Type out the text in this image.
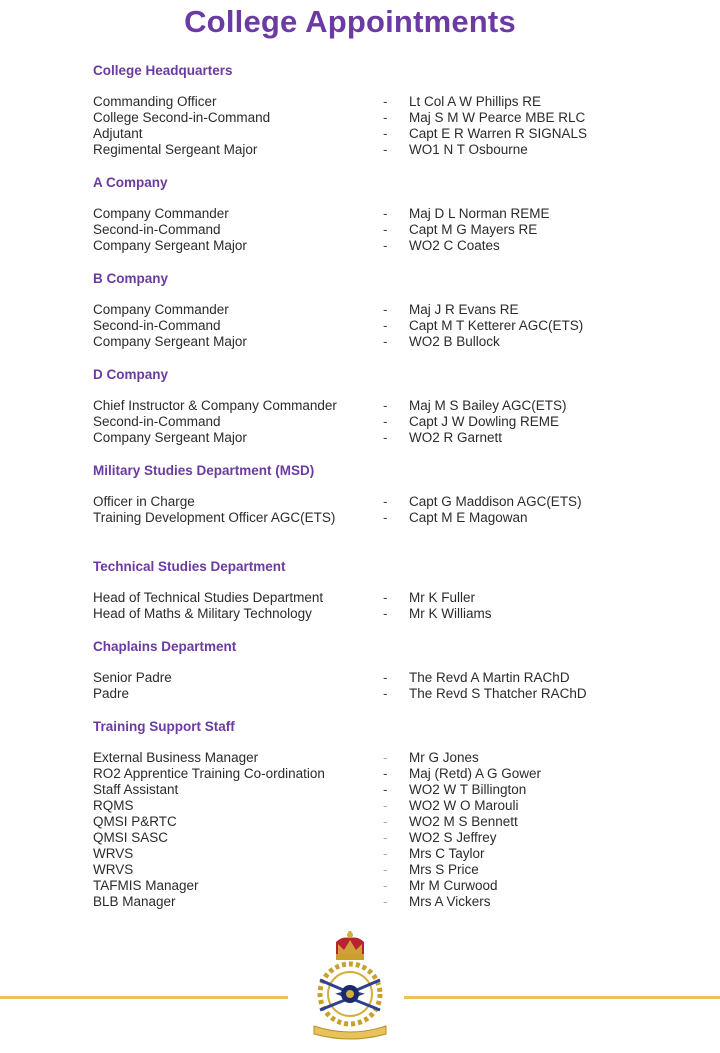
College Appointments
College Headquarters
Commanding Officer	-	Lt Col A W Phillips RE
College Second-in-Command	-	Maj S M W Pearce MBE RLC
Adjutant	-	Capt E R Warren R SIGNALS
Regimental Sergeant Major	-	WO1 N T Osbourne
A Company
Company Commander	-	Maj D L Norman REME
Second-in-Command	-	Capt M G Mayers RE
Company Sergeant Major	-	WO2 C Coates
B Company
Company Commander	-	Maj J R Evans RE
Second-in-Command	-	Capt M T Ketterer AGC(ETS)
Company Sergeant Major	-	WO2 B Bullock
D Company
Chief Instructor & Company Commander	-	Maj M S Bailey AGC(ETS)
Second-in-Command	-	Capt J W Dowling REME
Company Sergeant Major	-	WO2 R Garnett
Military Studies Department (MSD)
Officer in Charge	-	Capt G Maddison AGC(ETS)
Training Development Officer AGC(ETS)	-	Capt M E Magowan
Technical Studies Department
Head of Technical Studies Department	-	Mr K Fuller
Head of Maths & Military Technology	-	Mr K Williams
Chaplains Department
Senior Padre	-	The Revd A Martin RAChD
Padre	-	The Revd S Thatcher RAChD
Training Support Staff
External Business Manager	-	Mr G Jones
RO2 Apprentice Training Co-ordination	-	Maj (Retd) A G Gower
Staff Assistant	-	WO2 W T Billington
RQMS	-	WO2 W O Marouli
QMSI P&RTC	-	WO2 M S Bennett
QMSI SASC	-	WO2 S Jeffrey
WRVS	-	Mrs C Taylor
WRVS	-	Mrs S Price
TAFMIS Manager	-	Mr M Curwood
BLB Manager	-	Mrs A Vickers
